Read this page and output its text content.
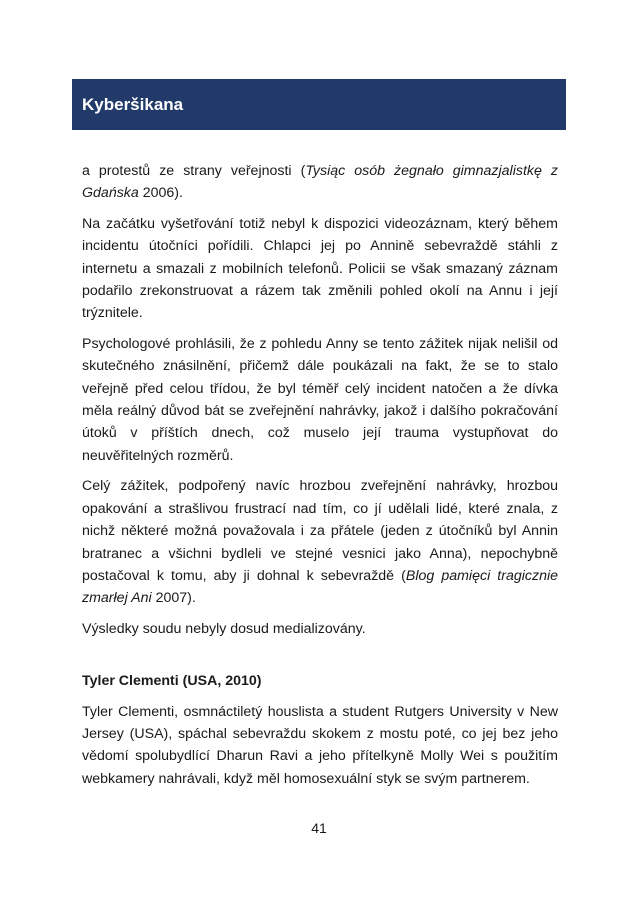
Kyberšikana

a protestů ze strany veřejnosti (Tysiąc osób żegnało gimnazjalistkę z Gdańska 2006).

Na začátku vyšetřování totiž nebyl k dispozici videozáznam, který během incidentu útočníci pořídili. Chlapci jej po Annině sebevraždě stáhli z internetu a smazali z mobilních telefonů. Policii se však smazaný záznam podařilo zrekonstruovat a rázem tak změnili pohled okolí na Annu i její trýznitele.

Psychologové prohlásili, že z pohledu Anny se tento zážitek nijak nelišil od skutečného znásilnění, přičemž dále poukázali na fakt, že se to stalo veřejně před celou třídou, že byl téměř celý incident natočen a že dívka měla reálný důvod bát se zveřejnění nahrávky, jakož i dalšího pokračování útoků v příštích dnech, což muselo její trauma vystupňovat do neuvěřitelných rozměrů.

Celý zážitek, podpořený navíc hrozbou zveřejnění nahrávky, hrozbou opakování a strašlivou frustrací nad tím, co jí udělali lidé, které znala, z nichž některé možná považovala i za přátele (jeden z útočníků byl Annin bratranec a všichni bydleli ve stejné vesnici jako Anna), nepochybně postačoval k tomu, aby ji dohnal k sebevraždě (Blog pamięci tragicznie zmarłej Ani 2007).

Výsledky soudu nebyly dosud medializovány.

Tyler Clementi (USA, 2010)

Tyler Clementi, osmnáctiletý houslista a student Rutgers University v New Jersey (USA), spáchal sebevraždu skokem z mostu poté, co jej bez jeho vědomí spolubydlící Dharun Ravi a jeho přítelkyně Molly Wei s použitím webkamery nahrávali, když měl homosexuální styk se svým partnerem.

41
